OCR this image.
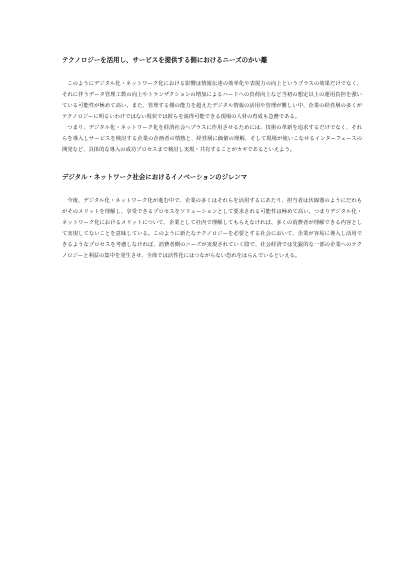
テクノロジーを活用し、サービスを提供する側におけるニーズのかい離

このようにデジタル化・ネットワーク化における影響は情報伝達の効率化や表現力の向上というプラスの効果だけでなく、それに伴うデータ管理工数の向上やトランザクションの増加によるハードへの負荷向上など当初の想定以上の運用負担を強いている可能性が極めて高い。また、管理する側の能力を超えたデジタル情報の活用や管理が難しい中、企業の経営層の多くがテクノロジーに明るいわけではない現状では彼らを説得可能できる現場の人材の育成も急務である。

つまり、デジタル化・ネットワーク化を経済社会へプラスに作用させるためには、技術の革新を追求するだけでなく、それらを導入しサービスを検討する企業の企画者の情熱と、経営層に価値の理解、そして現場が使いこなせるインターフェースの開発など、具体的な導入の成功プロセスまで検討し実現・共有することがカギであるといえよう。

デジタル・ネットワーク社会におけるイノベーションのジレンマ

今後、デジタル化・ネットワーク化が進む中で、企業の多くはそれらを活用するにあたり、担当者は伏線器のようにだれもがそのメリットを理解し、享受できるプロセスをソリューションとして要求される可能性は極めて高い。つまりデジタル化・ネットワーク化におけるメリットについて、企業として社内で理解してもらえなければ、多くの消費者が理解できる内容として実現してないことを意味している。このように新たなテクノロジーを必要とする社会において、企業が容易に導入し活用できるようなプロセスを考慮しなければ、消費者側のニーズが実現されていく陰で、社会経済では先鋭的な一部の企業へのテクノロジーと利益の集中を発生させ、全体では活性化にはつながらない恐れをはらんでいるといえる。
